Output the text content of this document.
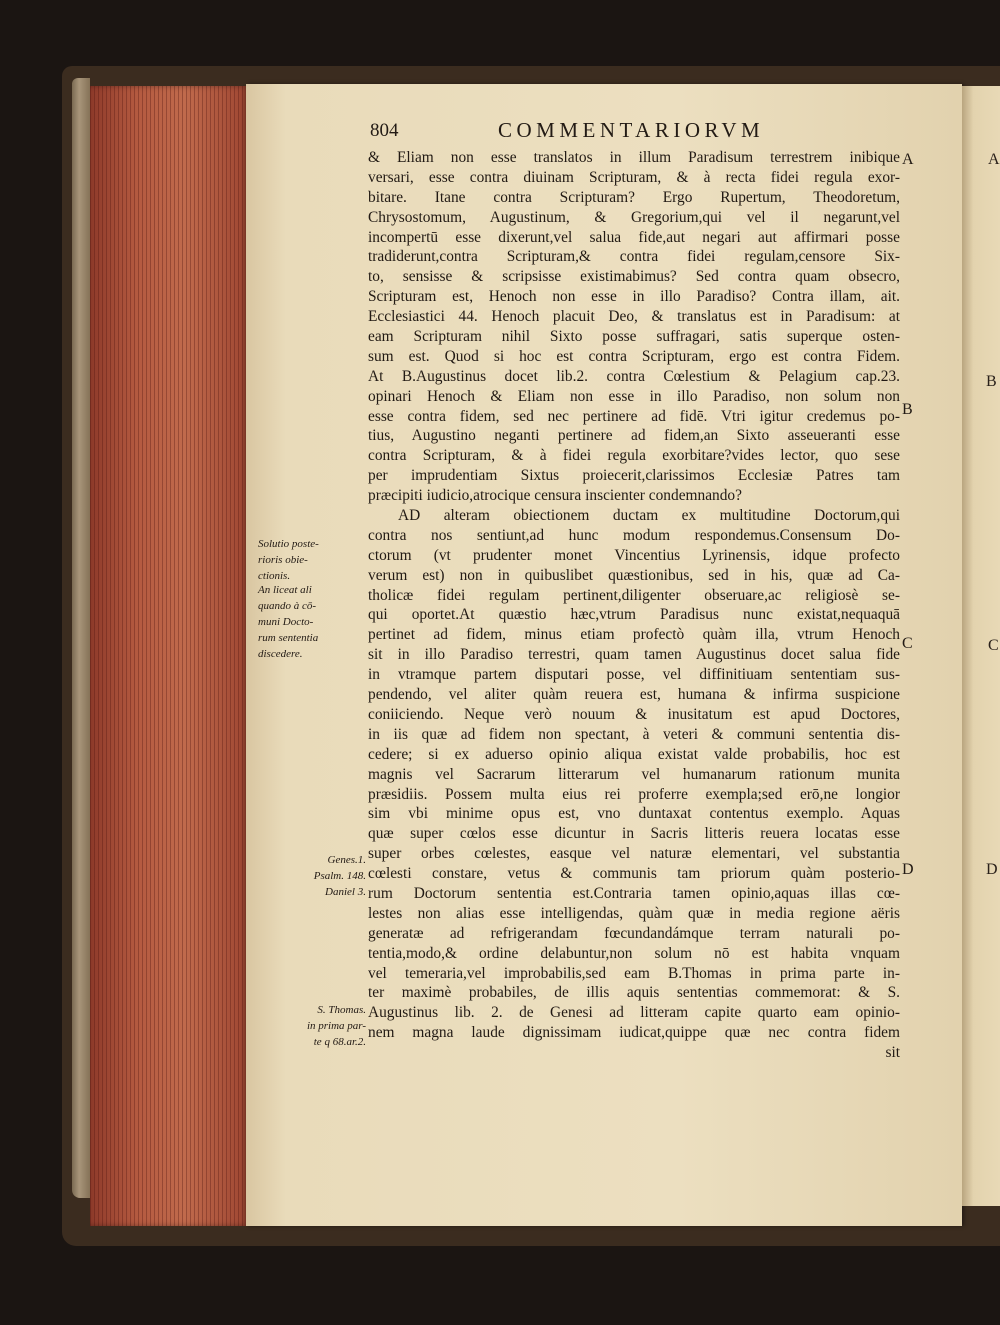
A
B
C
D
804	COMMENTARIORVM
& Eliam non esse translatos in illum Paradisum terrestrem inibique
versari, esse contra diuinam Scripturam, & à recta fidei regula exor-
bitare. Itane contra Scripturam? Ergo Rupertum, Theodoretum,
Chrysostomum, Augustinum, & Gregorium,qui vel il negarunt,vel
incompertū esse dixerunt,vel salua fide,aut negari aut affirmari posse
tradiderunt,contra Scripturam,& contra fidei regulam,censore Six-
to, sensisse & scripsisse existimabimus? Sed contra quam obsecro,
Scripturam est, Henoch non esse in illo Paradiso? Contra illam, ait.
Ecclesiastici 44. Henoch placuit Deo, & translatus est in Paradisum: at
eam Scripturam nihil Sixto posse suffragari, satis superque osten-
sum est. Quod si hoc est contra Scripturam, ergo est contra Fidem.
At B.Augustinus docet lib.2. contra Cœlestium & Pelagium cap.23.
opinari Henoch & Eliam non esse in illo Paradiso, non solum non
esse contra fidem, sed nec pertinere ad fidē. Vtri igitur credemus po-
tius, Augustino neganti pertinere ad fidem,an Sixto asseueranti esse
contra Scripturam, & à fidei regula exorbitare?vides lector, quo sese
per imprudentiam Sixtus proiecerit,clarissimos Ecclesiæ Patres tam
præcipiti iudicio,atrocique censura inscienter condemnando?
AD alteram obiectionem ductam ex multitudine Doctorum,qui
contra nos sentiunt,ad hunc modum respondemus.Consensum Do-
ctorum (vt prudenter monet Vincentius Lyrinensis, idque profecto
verum est) non in quibuslibet quæstionibus, sed in his, quæ ad Ca-
tholicæ fidei regulam pertinent,diligenter obseruare,ac religiosè se-
qui oportet.At quæstio hæc,vtrum Paradisus nunc existat,nequaquā
pertinet ad fidem, minus etiam profectò quàm illa, vtrum Henoch
sit in illo Paradiso terrestri, quam tamen Augustinus docet salua fide
in vtramque partem disputari posse, vel diffinitiuam sententiam sus-
pendendo, vel aliter quàm reuera est, humana & infirma suspicione
coniiciendo. Neque verò nouum & inusitatum est apud Doctores,
in iis quæ ad fidem non spectant, à veteri & communi sententia dis-
cedere; si ex aduerso opinio aliqua existat valde probabilis, hoc est
magnis vel Sacrarum litterarum vel humanarum rationum munita
præsidiis. Possem multa eius rei proferre exempla;sed erō,ne longior
sim vbi minime opus est, vno duntaxat contentus exemplo. Aquas
quæ super cœlos esse dicuntur in Sacris litteris reuera locatas esse
super orbes cœlestes, easque vel naturæ elementari, vel substantia
cœlesti constare, vetus & communis tam priorum quàm posterio-
rum Doctorum sententia est.Contraria tamen opinio,aquas illas cœ-
lestes non alias esse intelligendas, quàm quæ in media regione aëris
generatæ ad refrigerandam fœcundandámque terram naturali po-
tentia,modo,& ordine delabuntur,non solum nō est habita vnquam
vel temeraria,vel improbabilis,sed eam B.Thomas in prima parte in-
ter maximè probabiles, de illis aquis sententias commemorat: & S.
Augustinus lib. 2. de Genesi ad litteram capite quarto eam opinio-
nem magna laude dignissimam iudicat,quippe quæ nec contra fidem
sit
Solutio poste-
rioris obie-
ctionis.
An liceat ali
quando à cō-
muni Docto-
rum sententia
discedere.
Genes.1.
Psalm. 148.
Daniel 3.
S. Thomas.
in prima par-
te q 68.ar.2.
A
B
C
D
